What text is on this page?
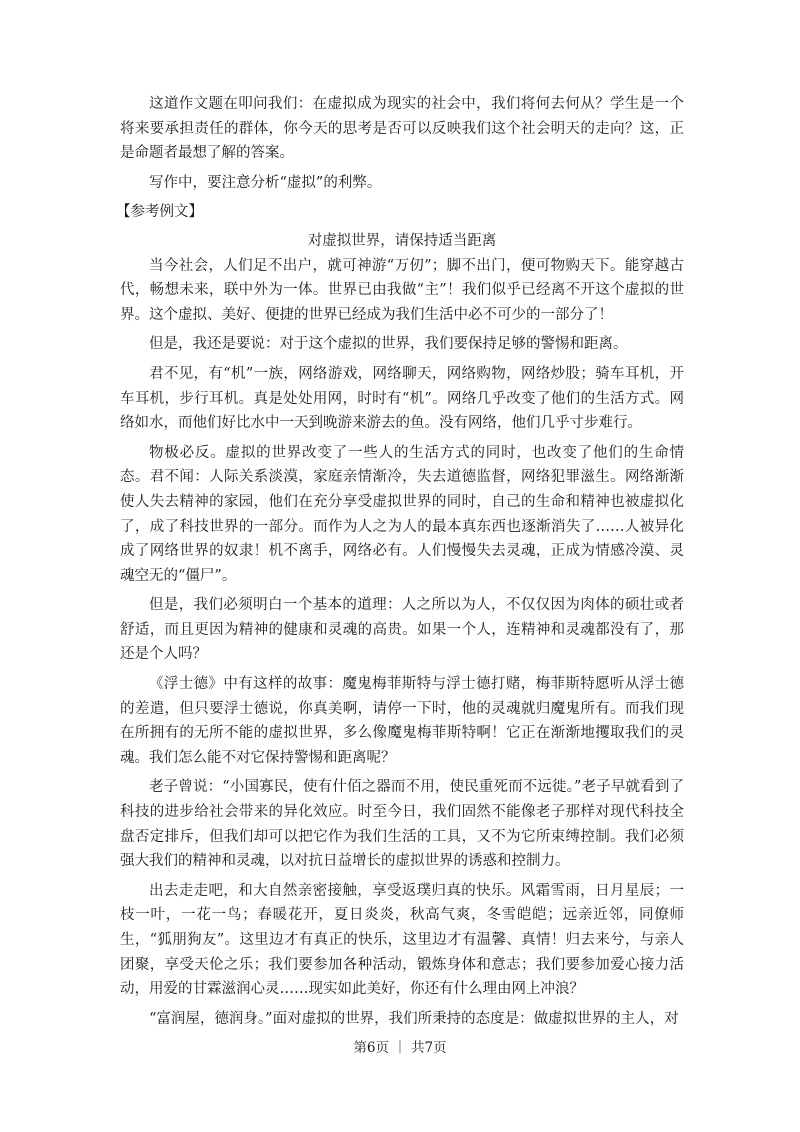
这道作文题在叩问我们：在虚拟成为现实的社会中，我们将何去何从？学生是一个将来要承担责任的群体，你今天的思考是否可以反映我们这个社会明天的走向？这，正是命题者最想了解的答案。

写作中，要注意分析“虚拟”的利弊。

【参考例文】

对虚拟世界，请保持适当距离

当今社会，人们足不出户，就可神游“万仞”；脚不出门，便可物购天下。能穿越古代，畅想未来，联中外为一体。世界已由我做“主”！我们似乎已经离不开这个虚拟的世界。这个虚拟、美好、便捷的世界已经成为我们生活中必不可少的一部分了！

但是，我还是要说：对于这个虚拟的世界，我们要保持足够的警惕和距离。

君不见，有“机”一族，网络游戏，网络聊天，网络购物，网络炒股；骑车耳机，开车耳机，步行耳机。真是处处用网，时时有“机”。网络几乎改变了他们的生活方式。网络如水，而他们好比水中一天到晚游来游去的鱼。没有网络，他们几乎寸步难行。

物极必反。虚拟的世界改变了一些人的生活方式的同时，也改变了他们的生命情态。君不闻：人际关系淡漠，家庭亲情渐冷，失去道德监督，网络犯罪滋生。网络渐渐使人失去精神的家园，他们在充分享受虚拟世界的同时，自己的生命和精神也被虚拟化了，成了科技世界的一部分。而作为人之为人的最本真东西也逐渐消失了……人被异化成了网络世界的奴隶！机不离手，网络必有。人们慢慢失去灵魂，正成为情感冷漠、灵魂空无的“僵尸”。

但是，我们必须明白一个基本的道理：人之所以为人，不仅仅因为肉体的硕壮或者舒适，而且更因为精神的健康和灵魂的高贵。如果一个人，连精神和灵魂都没有了，那还是个人吗？

《浮士德》中有这样的故事：魔鬼梅菲斯特与浮士德打赌，梅菲斯特愿听从浮士德的差遣，但只要浮士德说，你真美啊，请停一下时，他的灵魂就归魔鬼所有。而我们现在所拥有的无所不能的虚拟世界，多么像魔鬼梅菲斯特啊！它正在渐渐地攫取我们的灵魂。我们怎么能不对它保持警惕和距离呢？

老子曾说：“小国寡民，使有什佰之器而不用，使民重死而不远徙。”老子早就看到了科技的进步给社会带来的异化效应。时至今日，我们固然不能像老子那样对现代科技全盘否定排斥，但我们却可以把它作为我们生活的工具，又不为它所束缚控制。我们必须强大我们的精神和灵魂，以对抗日益增长的虚拟世界的诱惑和控制力。

出去走走吧，和大自然亲密接触，享受返璞归真的快乐。风霜雪雨，日月星辰；一枝一叶，一花一鸟；春暖花开，夏日炎炎，秋高气爽，冬雪皑皑；远亲近邻，同僚师生，“狐朋狗友”。这里边才有真正的快乐，这里边才有温馨、真情！归去来兮，与亲人团聚，享受天伦之乐；我们要参加各种活动，锻炼身体和意志；我们要参加爱心接力活动，用爱的甘霖滋润心灵……现实如此美好，你还有什么理由网上冲浪？

“富润屋，德润身。”面对虚拟的世界，我们所秉持的态度是：做虚拟世界的主人，对

第6页 ｜ 共7页
